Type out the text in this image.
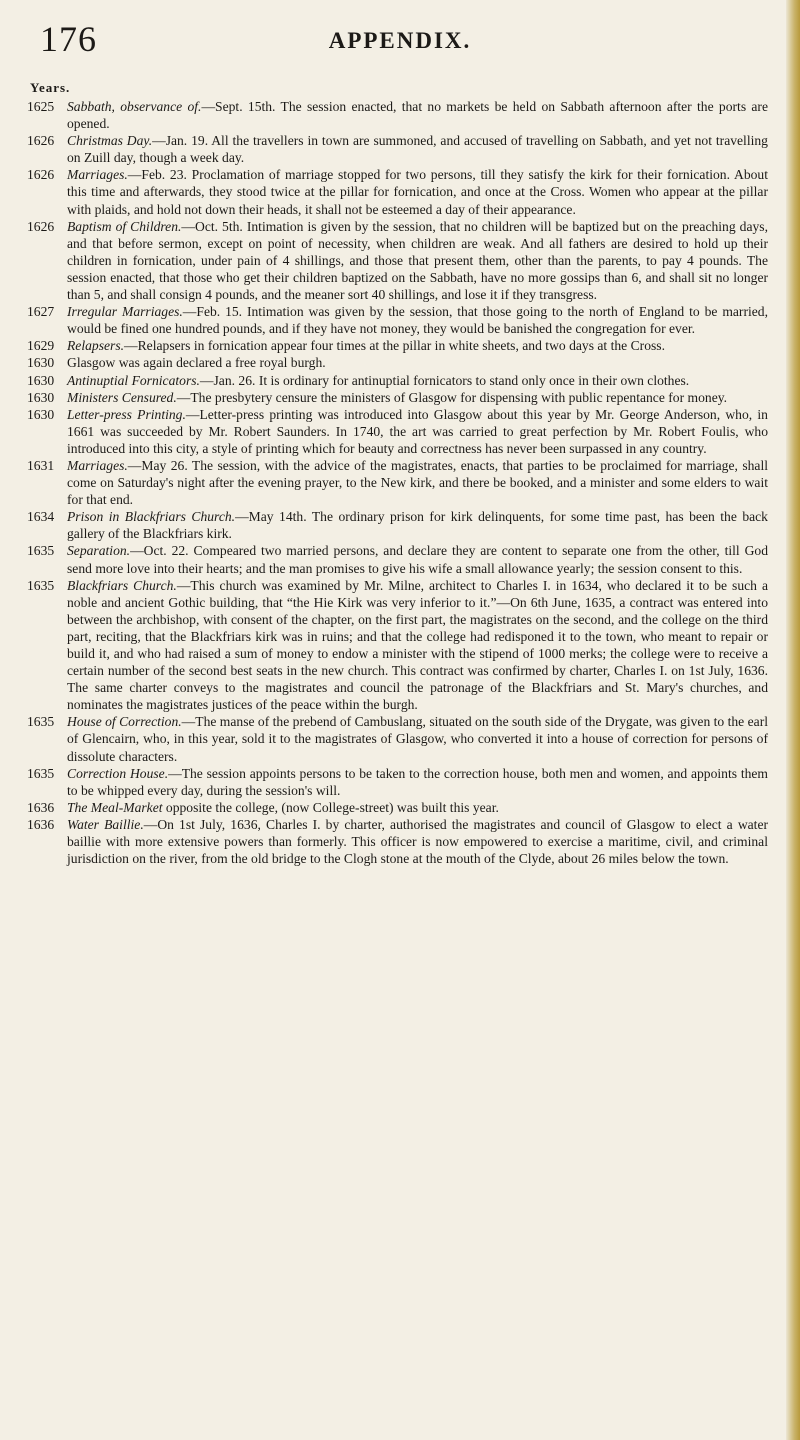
176	APPENDIX.
Years.
1625 Sabbath, observance of.—Sept. 15th. The session enacted, that no markets be held on Sabbath afternoon after the ports are opened.
1626 Christmas Day.—Jan. 19. All the travellers in town are summoned, and accused of travelling on Sabbath, and yet not travelling on Zuill day, though a week day.
1626 Marriages.—Feb. 23. Proclamation of marriage stopped for two persons, till they satisfy the kirk for their fornication. About this time and afterwards, they stood twice at the pillar for fornication, and once at the Cross. Women who appear at the pillar with plaids, and hold not down their heads, it shall not be esteemed a day of their appearance.
1626 Baptism of Children.—Oct. 5th. Intimation is given by the session, that no children will be baptized but on the preaching days, and that before sermon, except on point of necessity, when children are weak. And all fathers are desired to hold up their children in fornication, under pain of 4 shillings, and those that present them, other than the parents, to pay 4 pounds. The session enacted, that those who get their children baptized on the Sabbath, have no more gossips than 6, and shall sit no longer than 5, and shall consign 4 pounds, and the meaner sort 40 shillings, and lose it if they transgress.
1627 Irregular Marriages.—Feb. 15. Intimation was given by the session, that those going to the north of England to be married, would be fined one hundred pounds, and if they have not money, they would be banished the congregation for ever.
1629 Relapsers.—Relapsers in fornication appear four times at the pillar in white sheets, and two days at the Cross.
1630 Glasgow was again declared a free royal burgh.
1630 Antinuptial Fornicators.—Jan. 26. It is ordinary for antinuptial fornicators to stand only once in their own clothes.
1630 Ministers Censured.—The presbytery censure the ministers of Glasgow for dispensing with public repentance for money.
1630 Letter-press Printing.—Letter-press printing was introduced into Glasgow about this year by Mr. George Anderson, who, in 1661 was succeeded by Mr. Robert Saunders. In 1740, the art was carried to great perfection by Mr. Robert Foulis, who introduced into this city, a style of printing which for beauty and correctness has never been surpassed in any country.
1631 Marriages.—May 26. The session, with the advice of the magistrates, enacts, that parties to be proclaimed for marriage, shall come on Saturday's night after the evening prayer, to the New kirk, and there be booked, and a minister and some elders to wait for that end.
1634 Prison in Blackfriars Church.—May 14th. The ordinary prison for kirk delinquents, for some time past, has been the back gallery of the Blackfriars kirk.
1635 Separation.—Oct. 22. Compeared two married persons, and declare they are content to separate one from the other, till God send more love into their hearts; and the man promises to give his wife a small allowance yearly; the session consent to this.
1635 Blackfriars Church.—This church was examined by Mr. Milne, architect to Charles I. in 1634, who declared it to be such a noble and ancient Gothic building, that “the Hie Kirk was very inferior to it.”—On 6th June, 1635, a contract was entered into between the archbishop, with consent of the chapter, on the first part, the magistrates on the second, and the college on the third part, reciting, that the Blackfriars kirk was in ruins; and that the college had redisponed it to the town, who meant to repair or build it, and who had raised a sum of money to endow a minister with the stipend of 1000 merks; the college were to receive a certain number of the second best seats in the new church. This contract was confirmed by charter, Charles I. on 1st July, 1636. The same charter conveys to the magistrates and council the patronage of the Blackfriars and St. Mary's churches, and nominates the magistrates justices of the peace within the burgh.
1635 House of Correction.—The manse of the prebend of Cambuslang, situated on the south side of the Drygate, was given to the earl of Glencairn, who, in this year, sold it to the magistrates of Glasgow, who converted it into a house of correction for persons of dissolute characters.
1635 Correction House.—The session appoints persons to be taken to the correction house, both men and women, and appoints them to be whipped every day, during the session's will.
1636 The Meal-Market opposite the college, (now College-street) was built this year.
1636 Water Baillie.—On 1st July, 1636, Charles I. by charter, authorised the magistrates and council of Glasgow to elect a water baillie with more extensive powers than formerly. This officer is now empowered to exercise a maritime, civil, and criminal jurisdiction on the river, from the old bridge to the Clogh stone at the mouth of the Clyde, about 26 miles below the town.
